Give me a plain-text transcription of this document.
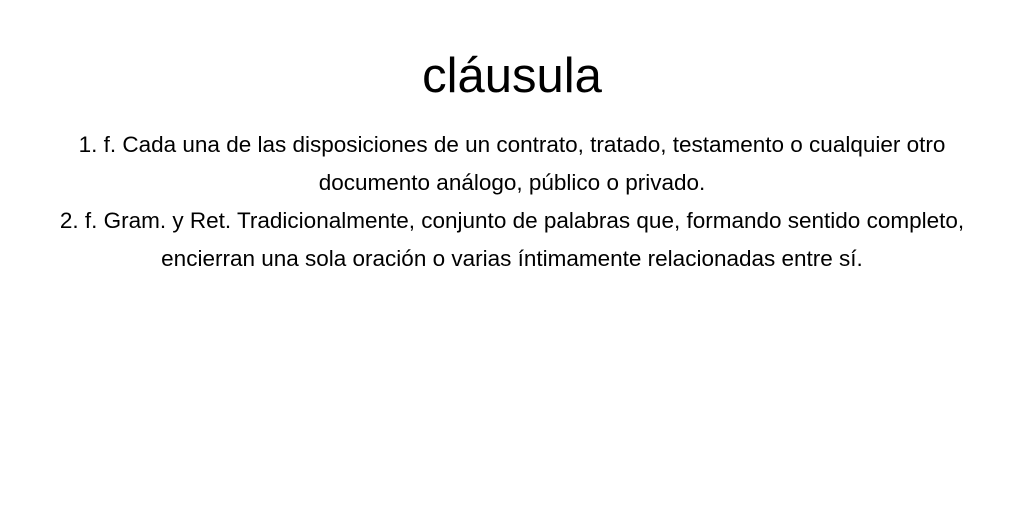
cláusula

1. f. Cada una de las disposiciones de un contrato, tratado, testamento o cualquier otro documento análogo, público o privado.

2. f. Gram. y Ret. Tradicionalmente, conjunto de palabras que, formando sentido completo, encierran una sola oración o varias íntimamente relacionadas entre sí.
